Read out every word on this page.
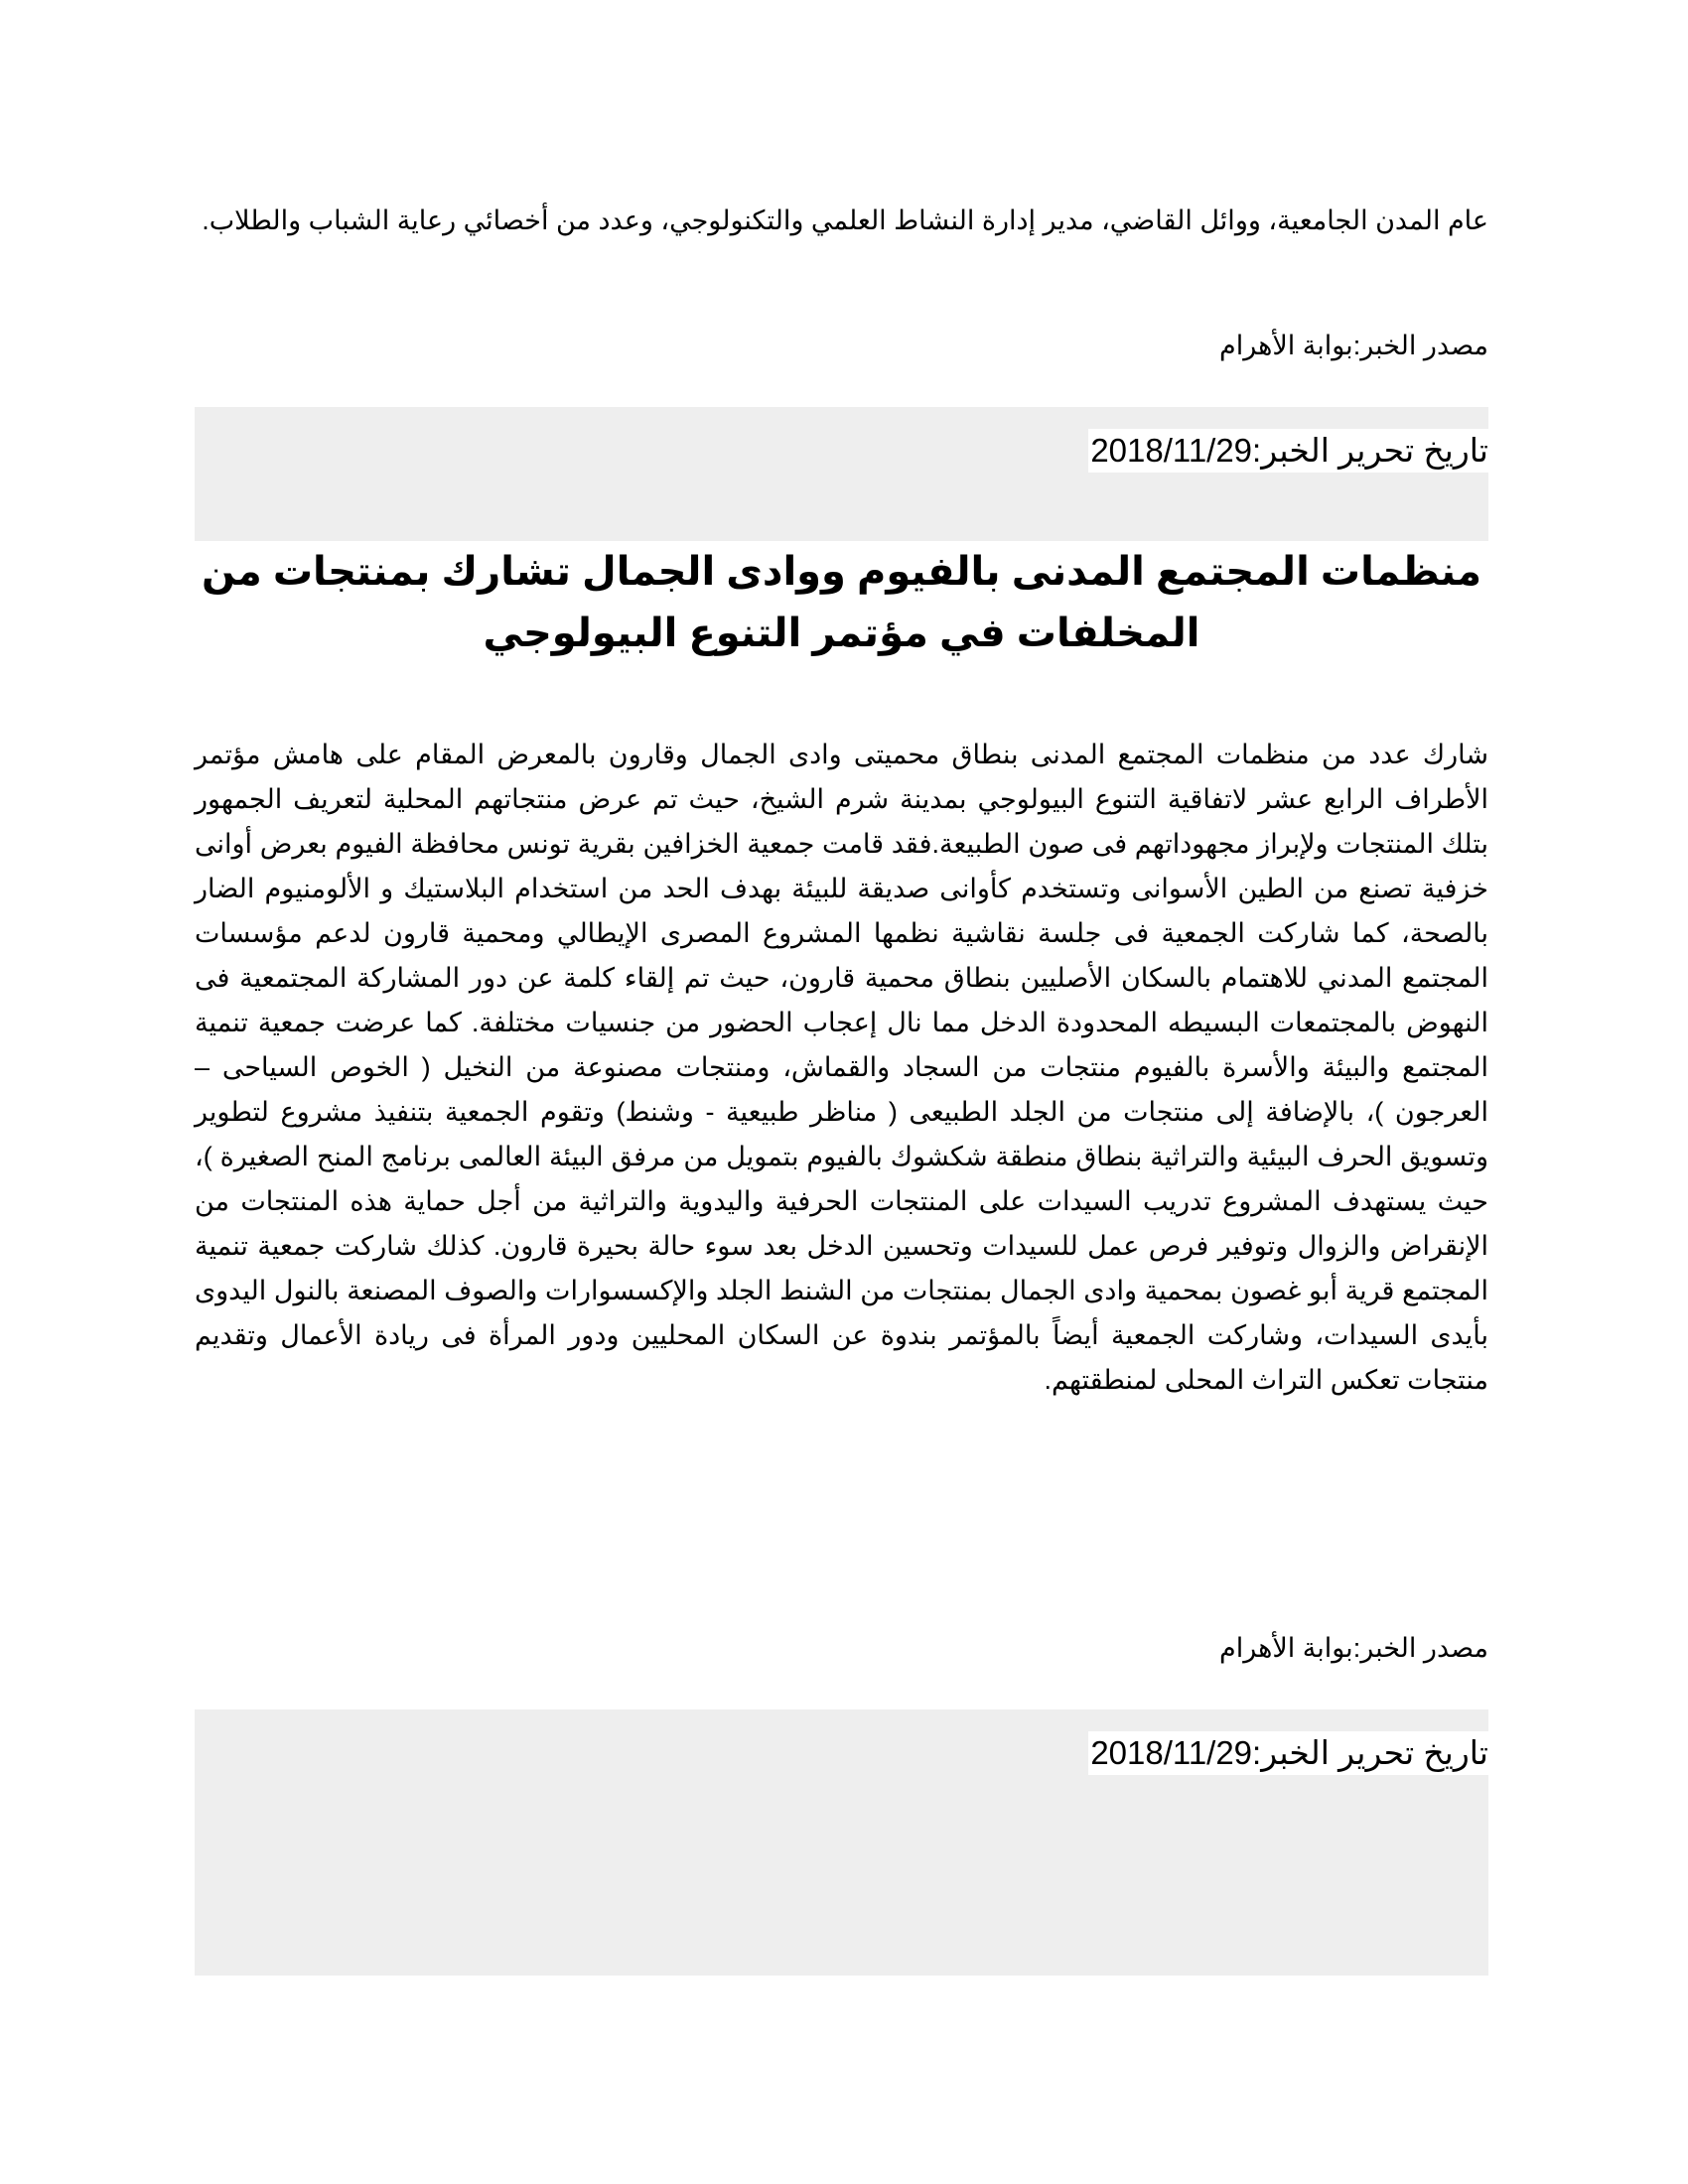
عام المدن الجامعية، ووائل القاضي، مدير إدارة النشاط العلمي والتكنولوجي، وعدد من أخصائي رعاية الشباب والطلاب.
مصدر الخبر:بوابة الأهرام
تاريخ تحرير الخبر:2018/11/29
منظمات المجتمع المدنى بالفيوم ووادى الجمال تشارك بمنتجات من المخلفات في مؤتمر التنوع البيولوجي
شارك عدد من منظمات المجتمع المدنى بنطاق محميتى وادى الجمال وقارون بالمعرض المقام على هامش مؤتمر الأطراف الرابع عشر لاتفاقية التنوع البيولوجي بمدينة شرم الشيخ، حيث تم عرض منتجاتهم المحلية لتعريف الجمهور بتلك المنتجات ولإبراز مجهوداتهم فى صون الطبيعة.فقد قامت جمعية الخزافين بقرية تونس محافظة الفيوم بعرض أوانى خزفية تصنع من الطين الأسوانى وتستخدم كأوانى صديقة للبيئة بهدف الحد من استخدام البلاستيك و الألومنيوم الضار بالصحة، كما شاركت الجمعية فى جلسة نقاشية نظمها المشروع المصرى الإيطالي ومحمية قارون لدعم مؤسسات المجتمع المدني للاهتمام بالسكان الأصليين بنطاق محمية قارون، حيث تم إلقاء كلمة عن دور المشاركة المجتمعية فى النهوض بالمجتمعات البسيطه المحدودة الدخل مما نال إعجاب الحضور من جنسيات مختلفة. كما عرضت جمعية تنمية المجتمع والبيئة والأسرة بالفيوم منتجات من السجاد والقماش، ومنتجات مصنوعة من النخيل ( الخوص السياحى – العرجون )، بالإضافة إلى منتجات من الجلد الطبيعى ( مناظر طبيعية - وشنط) وتقوم الجمعية بتنفيذ مشروع لتطوير وتسويق الحرف البيئية والتراثية بنطاق منطقة شكشوك بالفيوم بتمويل من مرفق البيئة العالمى برنامج المنح الصغيرة )، حيث يستهدف المشروع تدريب السيدات على المنتجات الحرفية واليدوية والتراثية من أجل حماية هذه المنتجات من الإنقراض والزوال وتوفير فرص عمل للسيدات وتحسين الدخل بعد سوء حالة بحيرة قارون. كذلك شاركت جمعية تنمية المجتمع قرية أبو غصون بمحمية وادى الجمال بمنتجات من الشنط الجلد والإكسسوارات والصوف المصنعة بالنول اليدوى بأيدى السيدات، وشاركت الجمعية أيضاً بالمؤتمر بندوة عن السكان المحليين ودور المرأة فى ريادة الأعمال وتقديم منتجات تعكس التراث المحلى لمنطقتهم.
مصدر الخبر:بوابة الأهرام
تاريخ تحرير الخبر:2018/11/29
